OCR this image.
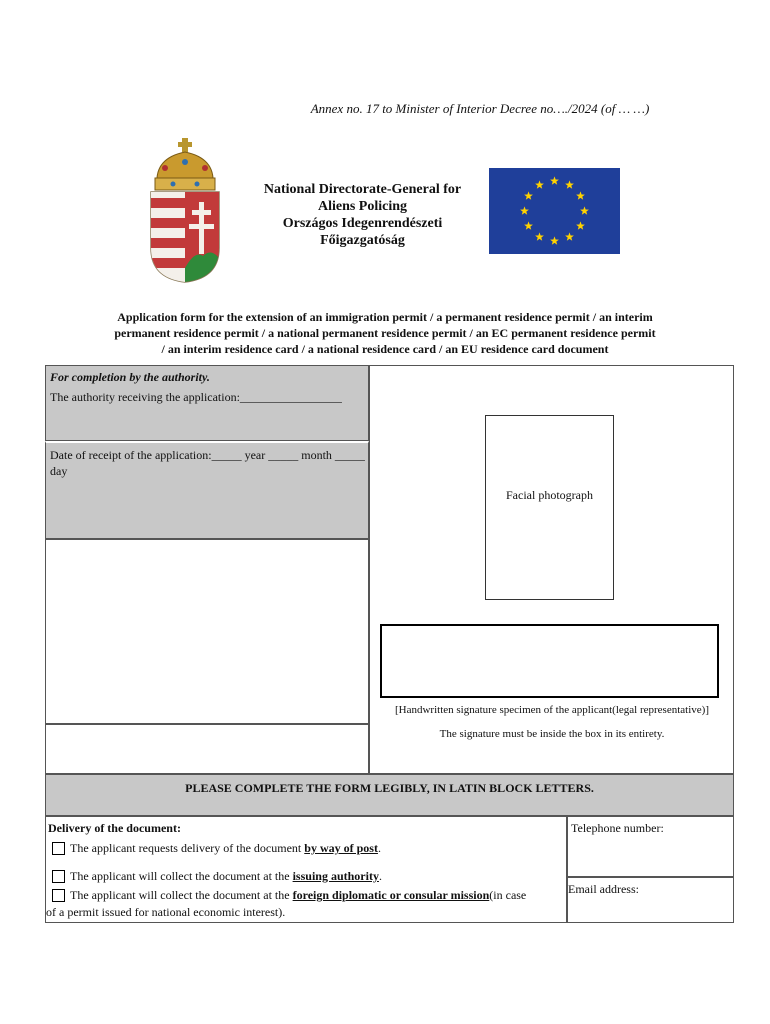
Annex no. 17 to Minister of Interior Decree no…./2024 (of … …)
National Directorate-General for
Aliens Policing
Országos Idegenrendészeti
Főigazgatóság
Application form for the extension of an immigration permit / a permanent residence permit / an interim
permanent residence permit / a national permanent residence permit / an EC permanent residence permit
/ an interim residence card / a national residence card / an EU residence card document
For completion by the authority.
The authority receiving the application:_________________
Date of receipt of the application:_____ year _____ month _____ day
Facial photograph
[Handwritten signature specimen of the applicant(legal representative)]
The signature must be inside the box in its entirety.
PLEASE COMPLETE THE FORM LEGIBLY, IN LATIN BLOCK LETTERS.
Delivery of the document:
The applicant requests delivery of the document
by way of post .
The applicant will collect the document at the
issuing authority .
The applicant will collect the document at the
foreign diplomatic or consular mission (in case
of a permit issued for national economic interest).
Telephone number:
Email address:
